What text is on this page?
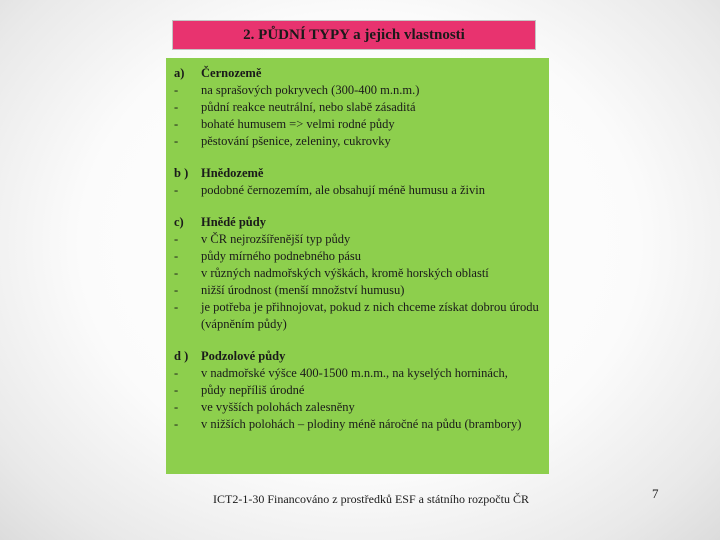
2. PŮDNÍ TYPY a jejich vlastnosti
a)	Černozemě
-	na sprašových pokryvech (300-400 m.n.m.)
-	půdní reakce neutrální, nebo slabě zásaditá
-	bohaté humusem => velmi rodné půdy
-	pěstování pšenice, zeleniny, cukrovky
b )	Hnědozemě
-	podobné černozemím, ale obsahují méně humusu a živin
c)	Hnědé půdy
-	v ČR nejrozšířenější typ půdy
-	půdy mírného podnebného pásu
-	v různých nadmořských výškách, kromě horských oblastí
-	nižší úrodnost (menší množství humusu)
-	je potřeba je přihnojovat, pokud z nich chceme získat dobrou úrodu (vápněním půdy)
d )	Podzolové půdy
-	v nadmořské výšce 400-1500 m.n.m., na kyselých horninách,
-	půdy nepříliš úrodné
-	ve vyšších polohách zalesněny
-	v nižších polohách – plodiny méně náročné na půdu (brambory)
ICT2-1-30 Financováno z prostředků ESF a státního rozpočtu ČR	7
